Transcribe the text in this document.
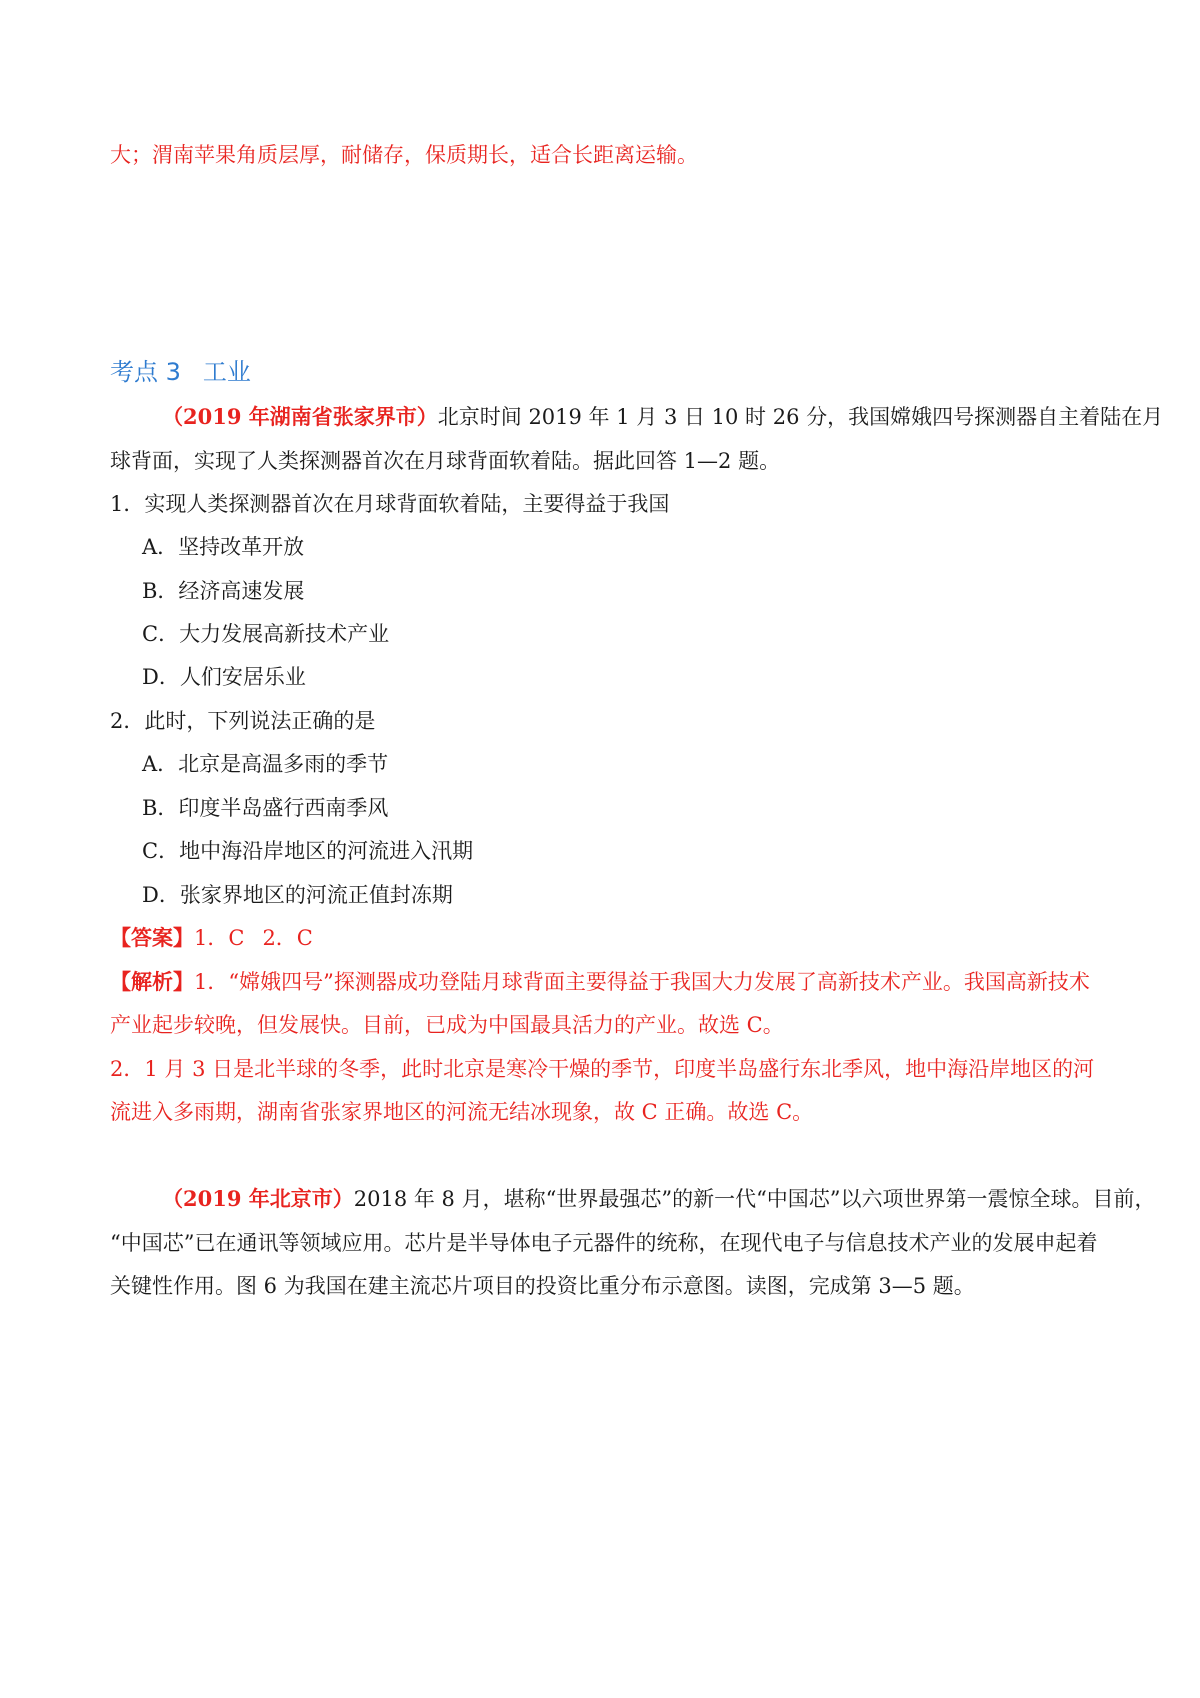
大；渭南苹果角质层厚，耐储存，保质期长，适合长距离运输。
考点 3 工业
（2019 年湖南省张家界市）北京时间 2019 年 1 月 3 日 10 时 26 分，我国嫦娥四号探测器自主着陆在月
球背面，实现了人类探测器首次在月球背面软着陆。据此回答 1—2 题。
1．实现人类探测器首次在月球背面软着陆，主要得益于我国
A．坚持改革开放
B．经济高速发展
C．大力发展高新技术产业
D．人们安居乐业
2．此时，下列说法正确的是
A．北京是高温多雨的季节
B．印度半岛盛行西南季风
C．地中海沿岸地区的河流进入汛期
D．张家界地区的河流正值封冻期
【答案】1．C 2．C
【解析】1．“嫦娥四号”探测器成功登陆月球背面主要得益于我国大力发展了高新技术产业。我国高新技术
产业起步较晚，但发展快。目前，已成为中国最具活力的产业。故选 C。
2．1 月 3 日是北半球的冬季，此时北京是寒冷干燥的季节，印度半岛盛行东北季风，地中海沿岸地区的河
流进入多雨期，湖南省张家界地区的河流无结冰现象，故 C 正确。故选 C。
（2019 年北京市）2018 年 8 月，堪称“世界最强芯”的新一代“中国芯”以六项世界第一震惊全球。目前，
“中国芯”已在通讯等领域应用。芯片是半导体电子元器件的统称，在现代电子与信息技术产业的发展申起着
关键性作用。图 6 为我国在建主流芯片项目的投资比重分布示意图。读图，完成第 3—5 题。
